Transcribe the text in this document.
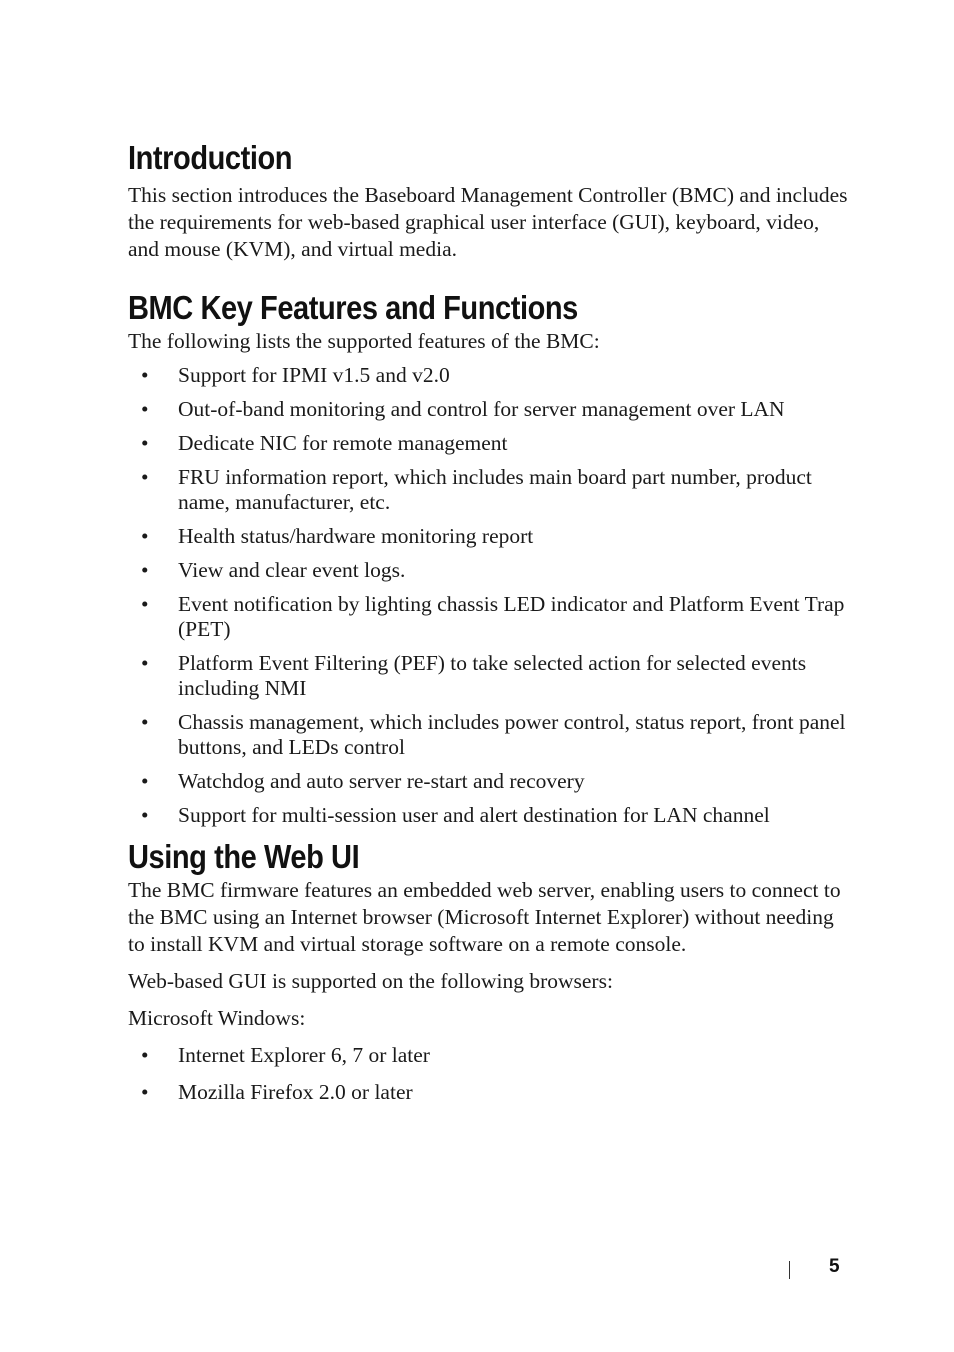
Introduction

This section introduces the Baseboard Management Controller (BMC) and includes the requirements for web-based graphical user interface (GUI), keyboard, video, and mouse (KVM), and virtual media.

BMC Key Features and Functions

The following lists the supported features of the BMC:

• Support for IPMI v1.5 and v2.0
• Out-of-band monitoring and control for server management over LAN
• Dedicate NIC for remote management
• FRU information report, which includes main board part number, product name, manufacturer, etc.
• Health status/hardware monitoring report
• View and clear event logs.
• Event notification by lighting chassis LED indicator and Platform Event Trap (PET)
• Platform Event Filtering (PEF) to take selected action for selected events including NMI
• Chassis management, which includes power control, status report, front panel buttons, and LEDs control
• Watchdog and auto server re-start and recovery
• Support for multi-session user and alert destination for LAN channel
Using the Web UI

The BMC firmware features an embedded web server, enabling users to connect to the BMC using an Internet browser (Microsoft Internet Explorer) without needing to install KVM and virtual storage software on a remote console.

Web-based GUI is supported on the following browsers:

Microsoft Windows:

• Internet Explorer 6, 7 or later
• Mozilla Firefox 2.0 or later
5
